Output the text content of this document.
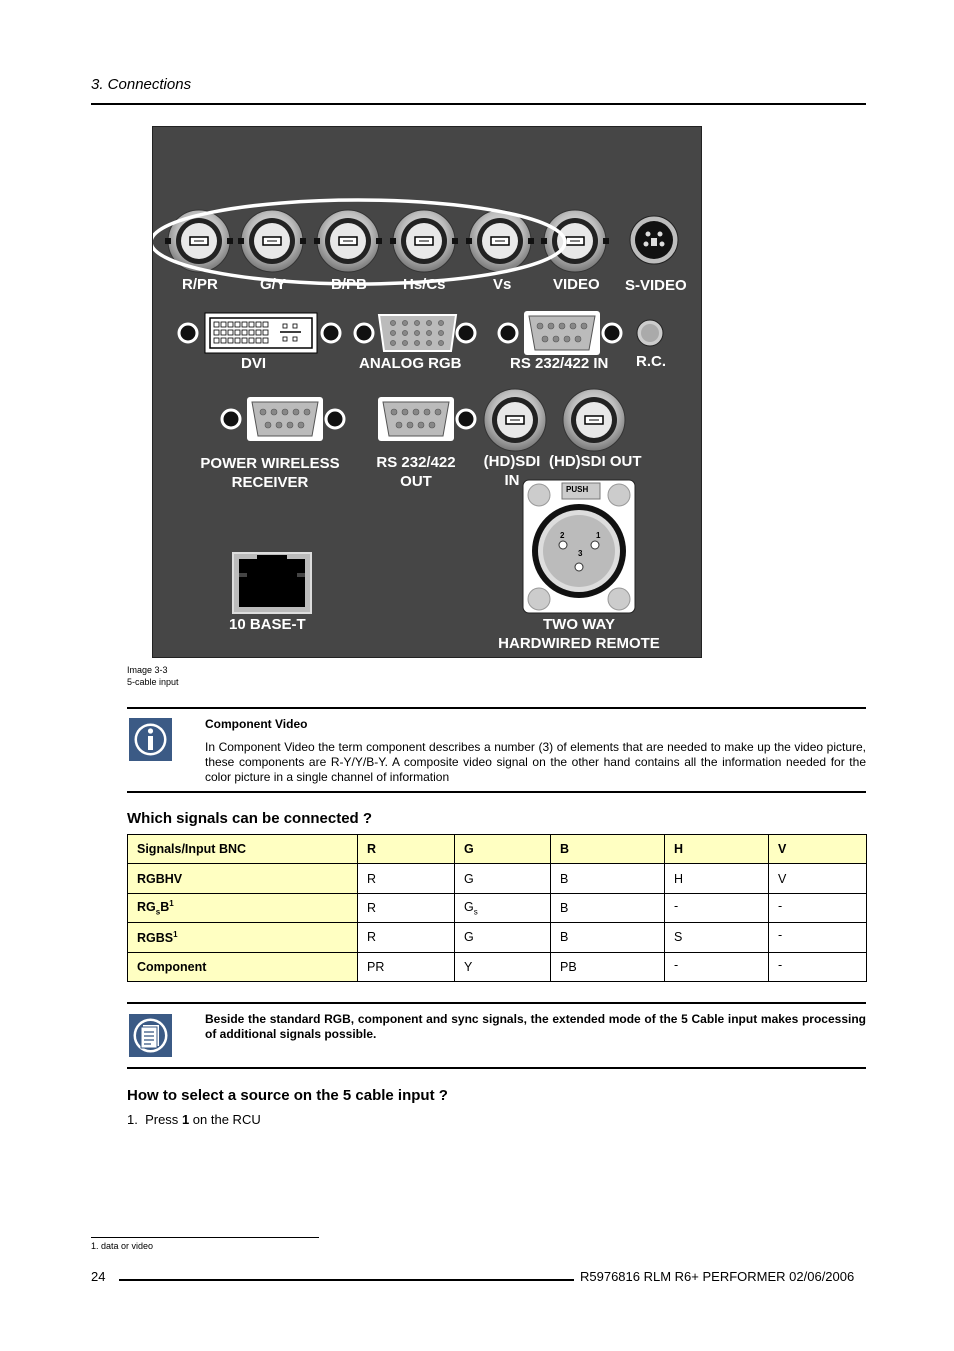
3. Connections
R/PR	G/Y	B/PB Hs/Cs	Vs	VIDEO S-VIDEO
DVI	ANALOG RGB	RS 232/422 IN R.C.
POWER WIRELESS
RECEIVER
RS 232/422
OUT
(HD)SDI
IN
(HD)SDI OUT
PUSH
1
2
3
10 BASE-T	TWO WAY
HARDWIRED REMOTE
Image 3-3
5-cable input
Component Video
In Component Video the term component describes a number (3) of elements that are needed to make up the video picture, these components are R-Y/Y/B-Y. A composite video signal on the other hand contains all the information needed for the color picture in a single channel of information
Which signals can be connected ?
Signals/Input BNC	R	G	B	H	V
RGBHV	R	G	B	H	V
$RG_sB^1$	R	$G_s$	B	-	-
RGBS$^1$	R	G	B	S	-
Component	PR	Y	PB	-	-
Beside the standard RGB, component and sync signals, the extended mode of the 5 Cable input makes processing of additional signals possible.
How to select a source on the 5 cable input ?
1. Press 1 on the RCU
1. data or video
24	R5976816 RLM R6+ PERFORMER 02/06/2006
